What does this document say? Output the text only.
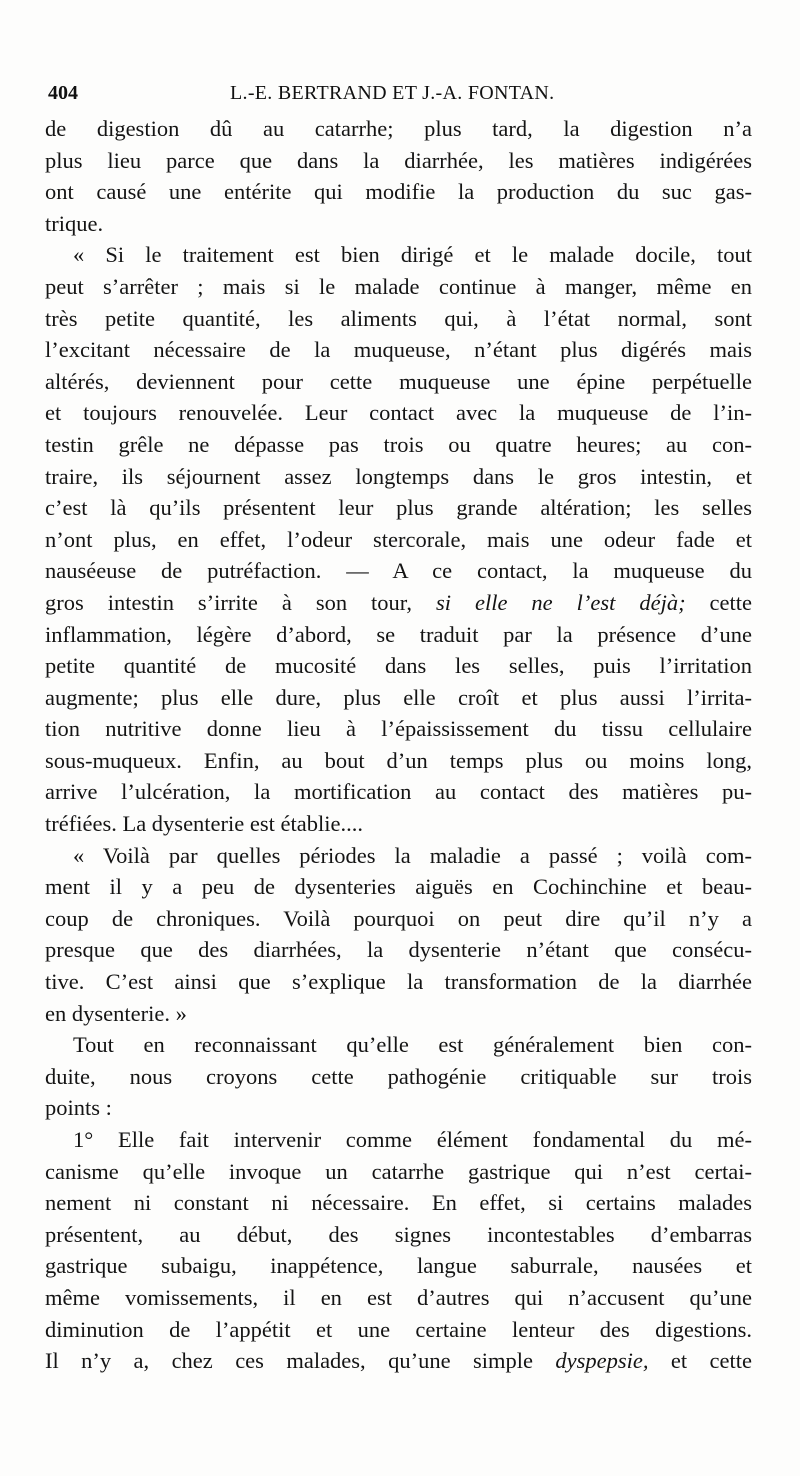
404	L.-E. BERTRAND ET J.-A. FONTAN.
de digestion dû au catarrhe; plus tard, la digestion n’a
plus lieu parce que dans la diarrhée, les matières indigérées
ont causé une entérite qui modifie la production du suc gas-
trique.
« Si le traitement est bien dirigé et le malade docile, tout
peut s’arrêter ; mais si le malade continue à manger, même en
très petite quantité, les aliments qui, à l’état normal, sont
l’excitant nécessaire de la muqueuse, n’étant plus digérés mais
altérés, deviennent pour cette muqueuse une épine perpétuelle
et toujours renouvelée. Leur contact avec la muqueuse de l’in-
testin grêle ne dépasse pas trois ou quatre heures; au con-
traire, ils séjournent assez longtemps dans le gros intestin, et
c’est là qu’ils présentent leur plus grande altération; les selles
n’ont plus, en effet, l’odeur stercorale, mais une odeur fade et
nauséeuse de putréfaction. — A ce contact, la muqueuse du
gros intestin s’irrite à son tour, si elle ne l’est déjà; cette
inflammation, légère d’abord, se traduit par la présence d’une
petite quantité de mucosité dans les selles, puis l’irritation
augmente; plus elle dure, plus elle croît et plus aussi l’irrita-
tion nutritive donne lieu à l’épaississement du tissu cellulaire
sous-muqueux. Enfin, au bout d’un temps plus ou moins long,
arrive l’ulcération, la mortification au contact des matières pu-
tréfiées. La dysenterie est établie....
« Voilà par quelles périodes la maladie a passé ; voilà com-
ment il y a peu de dysenteries aiguës en Cochinchine et beau-
coup de chroniques. Voilà pourquoi on peut dire qu’il n’y a
presque que des diarrhées, la dysenterie n’étant que consécu-
tive. C’est ainsi que s’explique la transformation de la diarrhée
en dysenterie. »
Tout en reconnaissant qu’elle est généralement bien con-
duite, nous croyons cette pathogénie critiquable sur trois
points :
1° Elle fait intervenir comme élément fondamental du mé-
canisme qu’elle invoque un catarrhe gastrique qui n’est certai-
nement ni constant ni nécessaire. En effet, si certains malades
présentent, au début, des signes incontestables d’embarras
gastrique subaigu, inappétence, langue saburrale, nausées et
même vomissements, il en est d’autres qui n’accusent qu’une
diminution de l’appétit et une certaine lenteur des digestions.
Il n’y a, chez ces malades, qu’une simple dyspepsie, et cette
